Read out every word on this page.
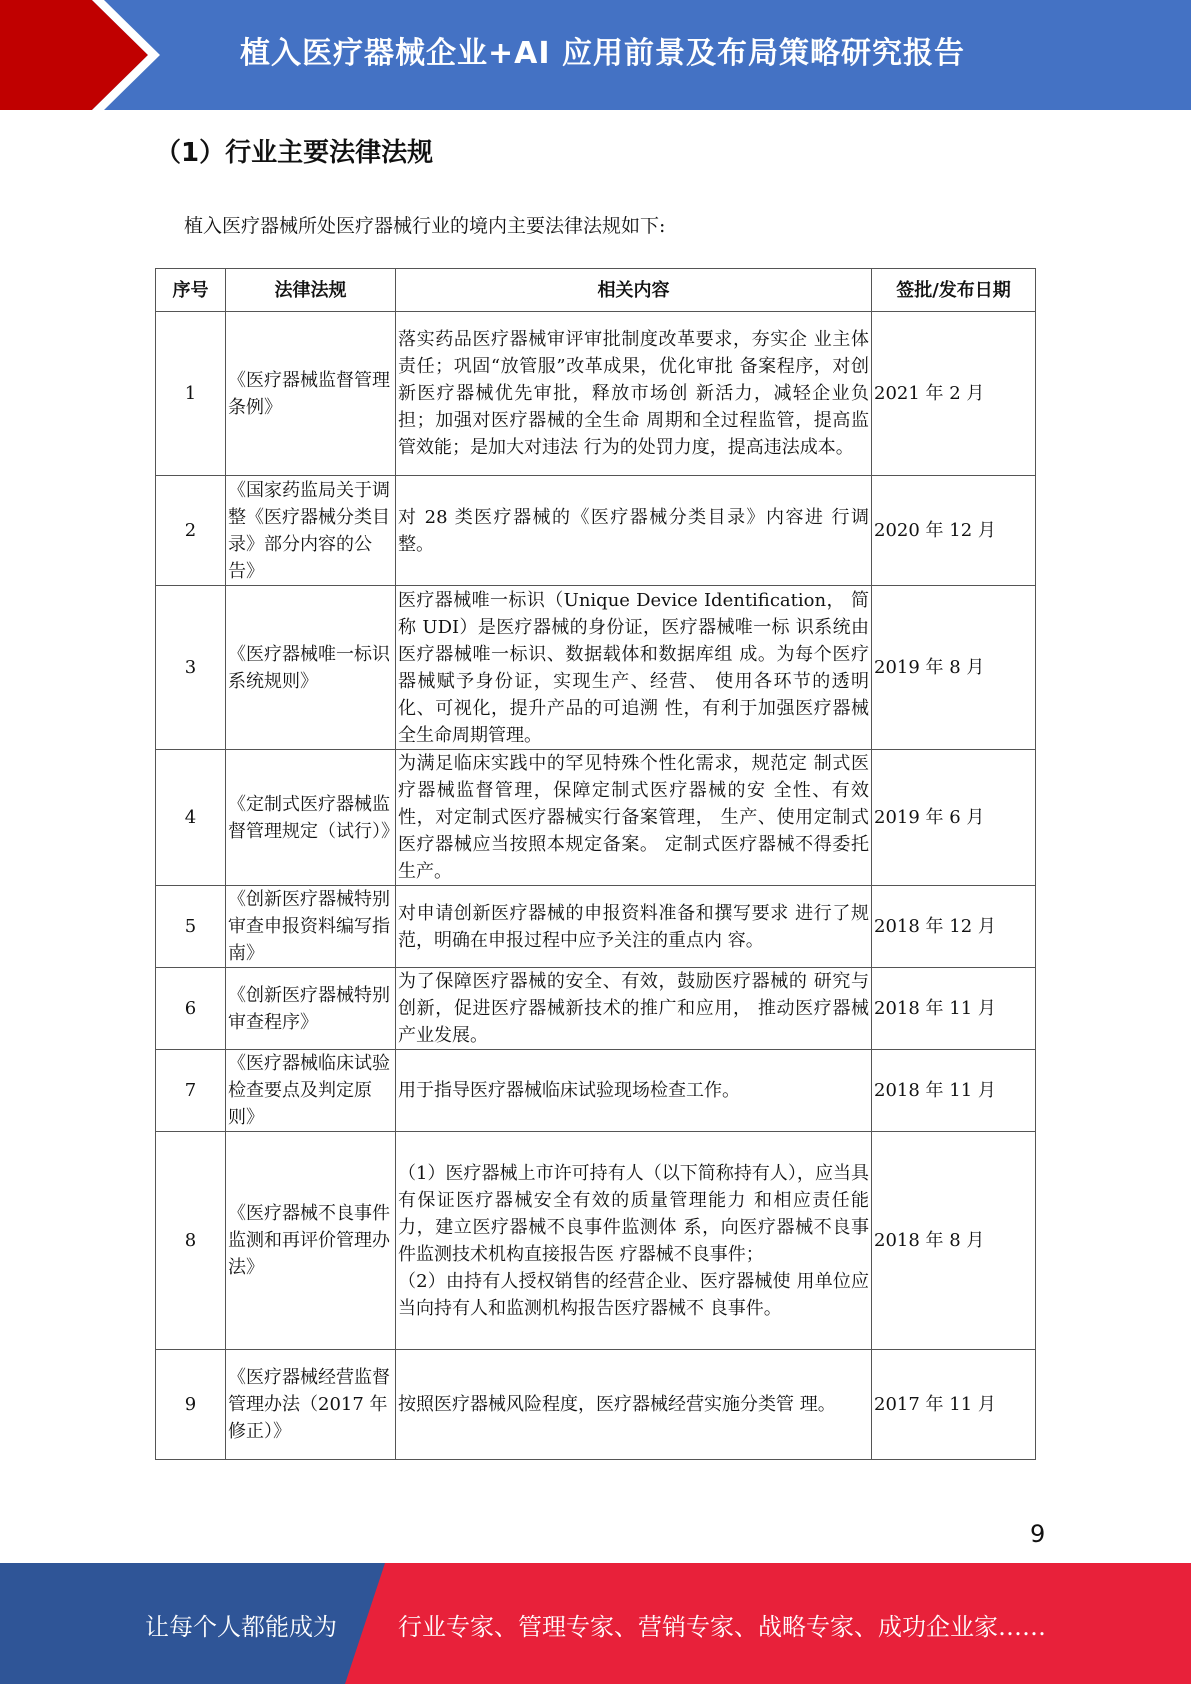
植入医疗器械企业+AI 应用前景及布局策略研究报告
（1）行业主要法律法规
植入医疗器械所处医疗器械行业的境内主要法律法规如下:
序号	法律法规	相关内容	签批/发布日期
1	《医疗器械监督管理条例》	落实药品医疗器械审评审批制度改革要求，夯实企 业主体责任；巩固“放管服”改革成果，优化审批 备案程序，对创新医疗器械优先审批，释放市场创 新活力，减轻企业负担；加强对医疗器械的全生命 周期和全过程监管，提高监管效能；是加大对违法 行为的处罚力度，提高违法成本。	2021 年 2 月
2	《国家药监局关于调整《医疗器械分类目录》部分内容的公告》	对 28 类医疗器械的《医疗器械分类目录》内容进 行调整。	2020 年 12 月
3	《医疗器械唯一标识系统规则》	医疗器械唯一标识（Unique Device Identification， 简称 UDI）是医疗器械的身份证，医疗器械唯一标 识系统由医疗器械唯一标识、数据载体和数据库组 成。为每个医疗器械赋予身份证，实现生产、经营、 使用各环节的透明化、可视化，提升产品的可追溯 性，有利于加强医疗器械全生命周期管理。	2019 年 8 月
4	《定制式医疗器械监督管理规定（试行）》	为满足临床实践中的罕见特殊个性化需求，规范定 制式医疗器械监督管理，保障定制式医疗器械的安 全性、有效性，对定制式医疗器械实行备案管理， 生产、使用定制式医疗器械应当按照本规定备案。 定制式医疗器械不得委托生产。	2019 年 6 月
5	《创新医疗器械特别审查申报资料编写指南》	对申请创新医疗器械的申报资料准备和撰写要求 进行了规范，明确在申报过程中应予关注的重点内 容。	2018 年 12 月
6	《创新医疗器械特别审查程序》	为了保障医疗器械的安全、有效，鼓励医疗器械的 研究与创新，促进医疗器械新技术的推广和应用， 推动医疗器械产业发展。	2018 年 11 月
7	《医疗器械临床试验检查要点及判定原则》	用于指导医疗器械临床试验现场检查工作。	2018 年 11 月
8	《医疗器械不良事件监测和再评价管理办法》	（1）医疗器械上市许可持有人（以下简称持有人），应当具有保证医疗器械安全有效的质量管理能力 和相应责任能力，建立医疗器械不良事件监测体 系，向医疗器械不良事件监测技术机构直接报告医 疗器械不良事件；
（2）由持有人授权销售的经营企业、医疗器械使 用单位应当向持有人和监测机构报告医疗器械不 良事件。	2018 年 8 月
9	《医疗器械经营监督管理办法（2017 年修正）》	按照医疗器械风险程度，医疗器械经营实施分类管 理。	2017 年 11 月
9
让每个人都能成为	行业专家、管理专家、营销专家、战略专家、成功企业家……
